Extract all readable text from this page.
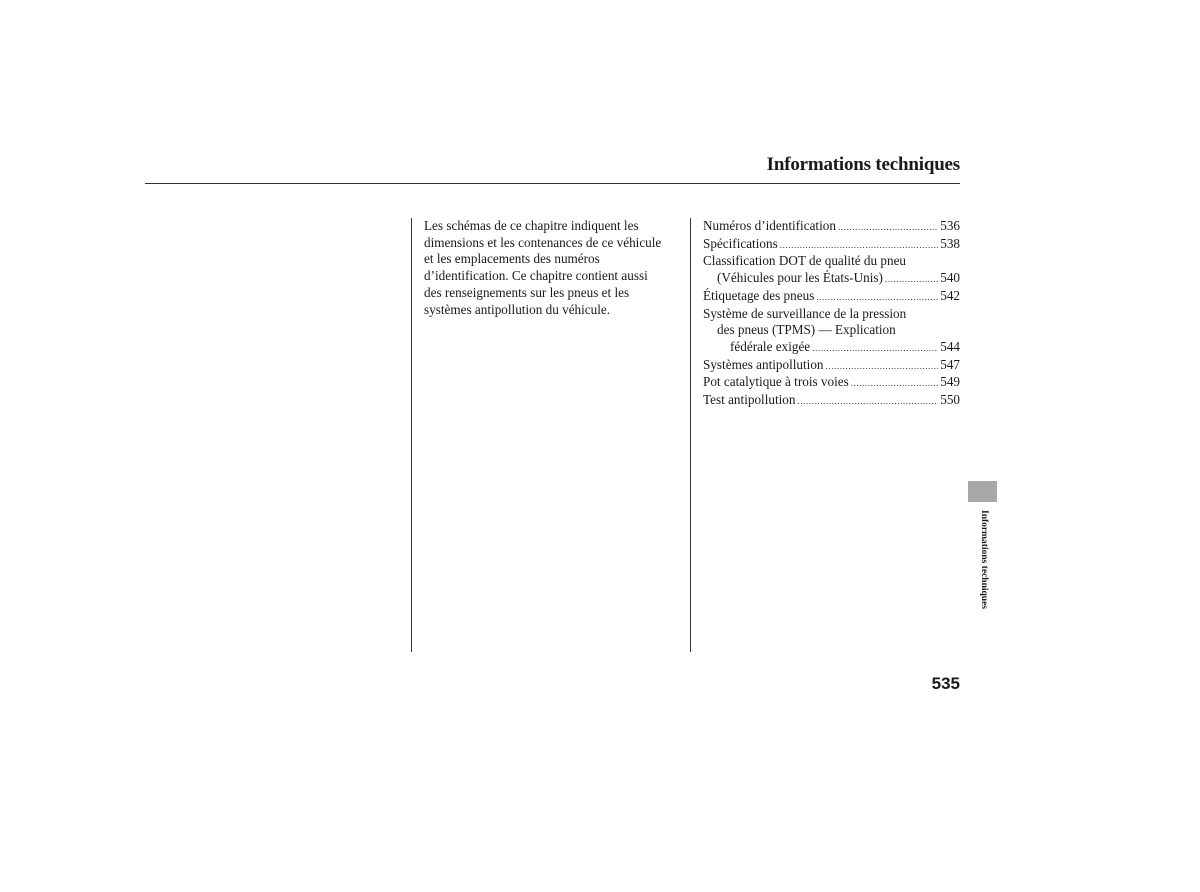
Informations techniques
Les schémas de ce chapitre indiquent les
dimensions et les contenances de ce véhicule
et les emplacements des numéros
d’identification. Ce chapitre contient aussi
des renseignements sur les pneus et les
systèmes antipollution du véhicule.
Numéros d’identification .....	536
Spécifications .....	538
Classification DOT de qualité du pneu
(Véhicules pour les États-Unis) .....	540
Étiquetage des pneus .....	542
Système de surveillance de la pression
des pneus (TPMS) — Explication
fédérale exigée .....	544
Systèmes antipollution .....	547
Pot catalytique à trois voies .....	549
Test antipollution .....	550
Informations techniques
535
